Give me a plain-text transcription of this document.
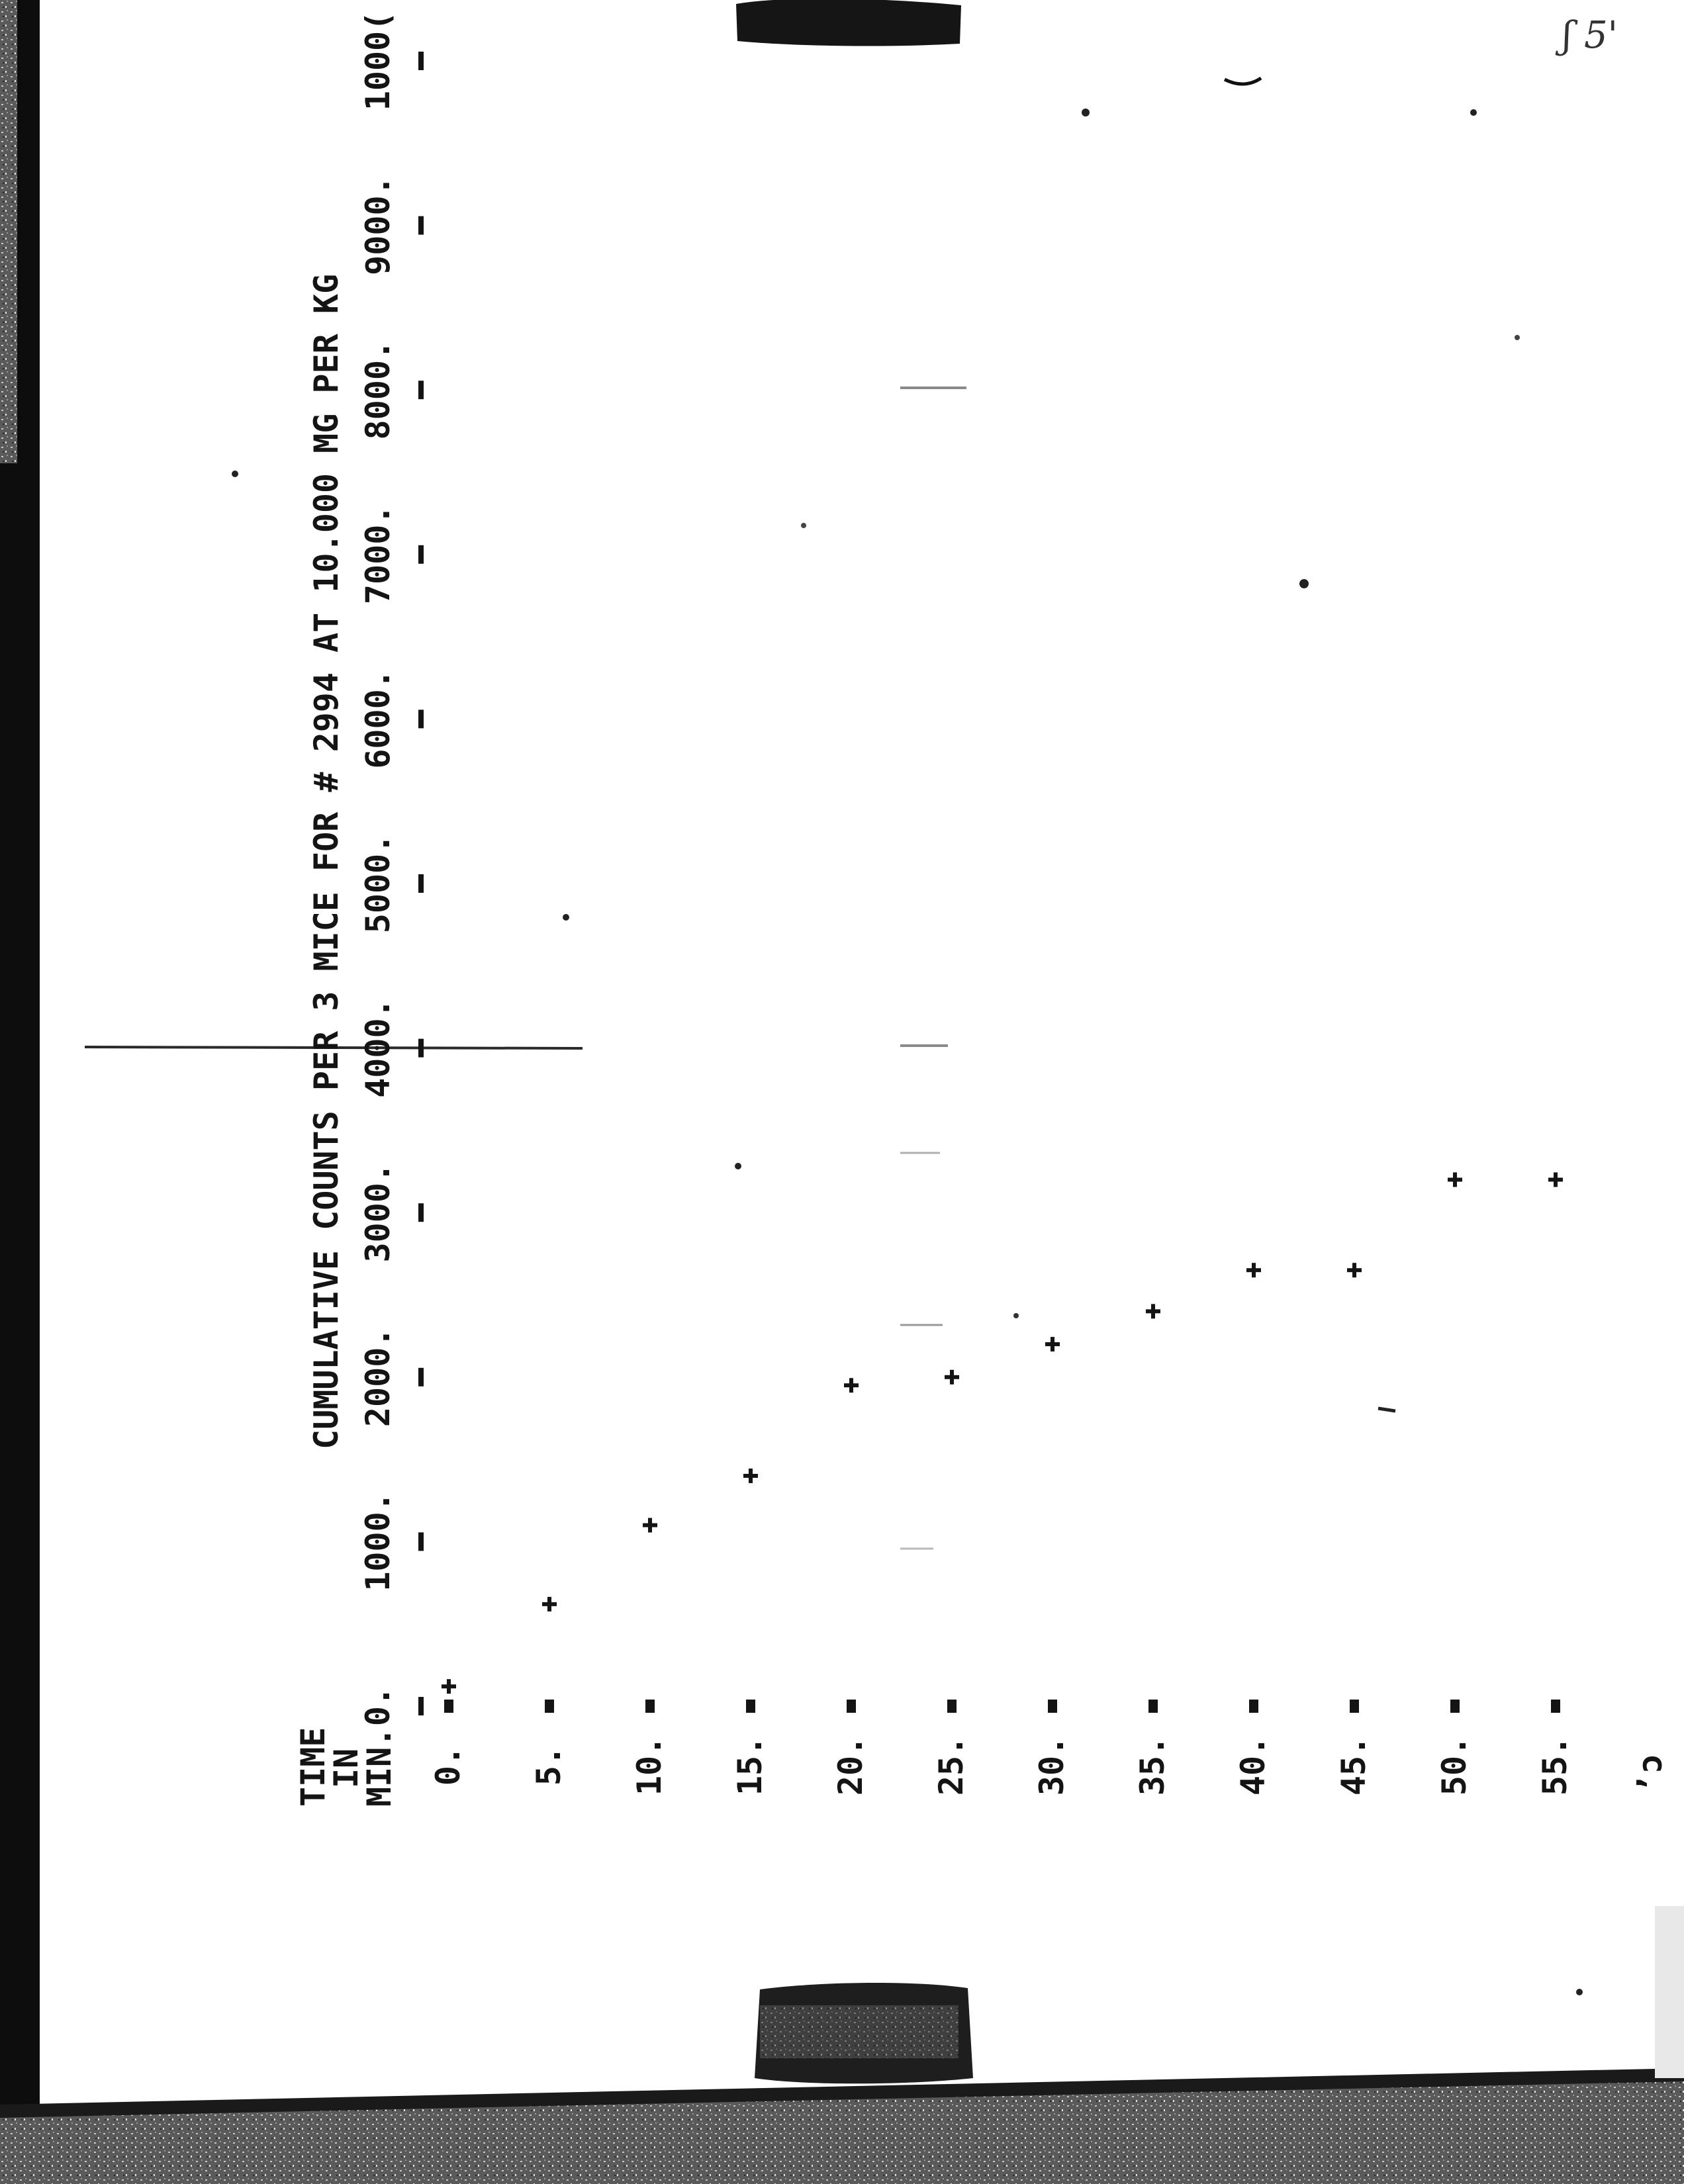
CUMULATIVE COUNTS PER 3 MICE FOR # 2994 AT 10.000 MG PER KG
TIME
IN
MIN.
0.
1000.
2000.
3000.
4000.
5000.
6000.
7000.
8000.
9000.
1000(
0. 5. 10. 15. 20. 25. 30. 35. 40. 45. 50. 55. ’ɔ
ʃ 5'
